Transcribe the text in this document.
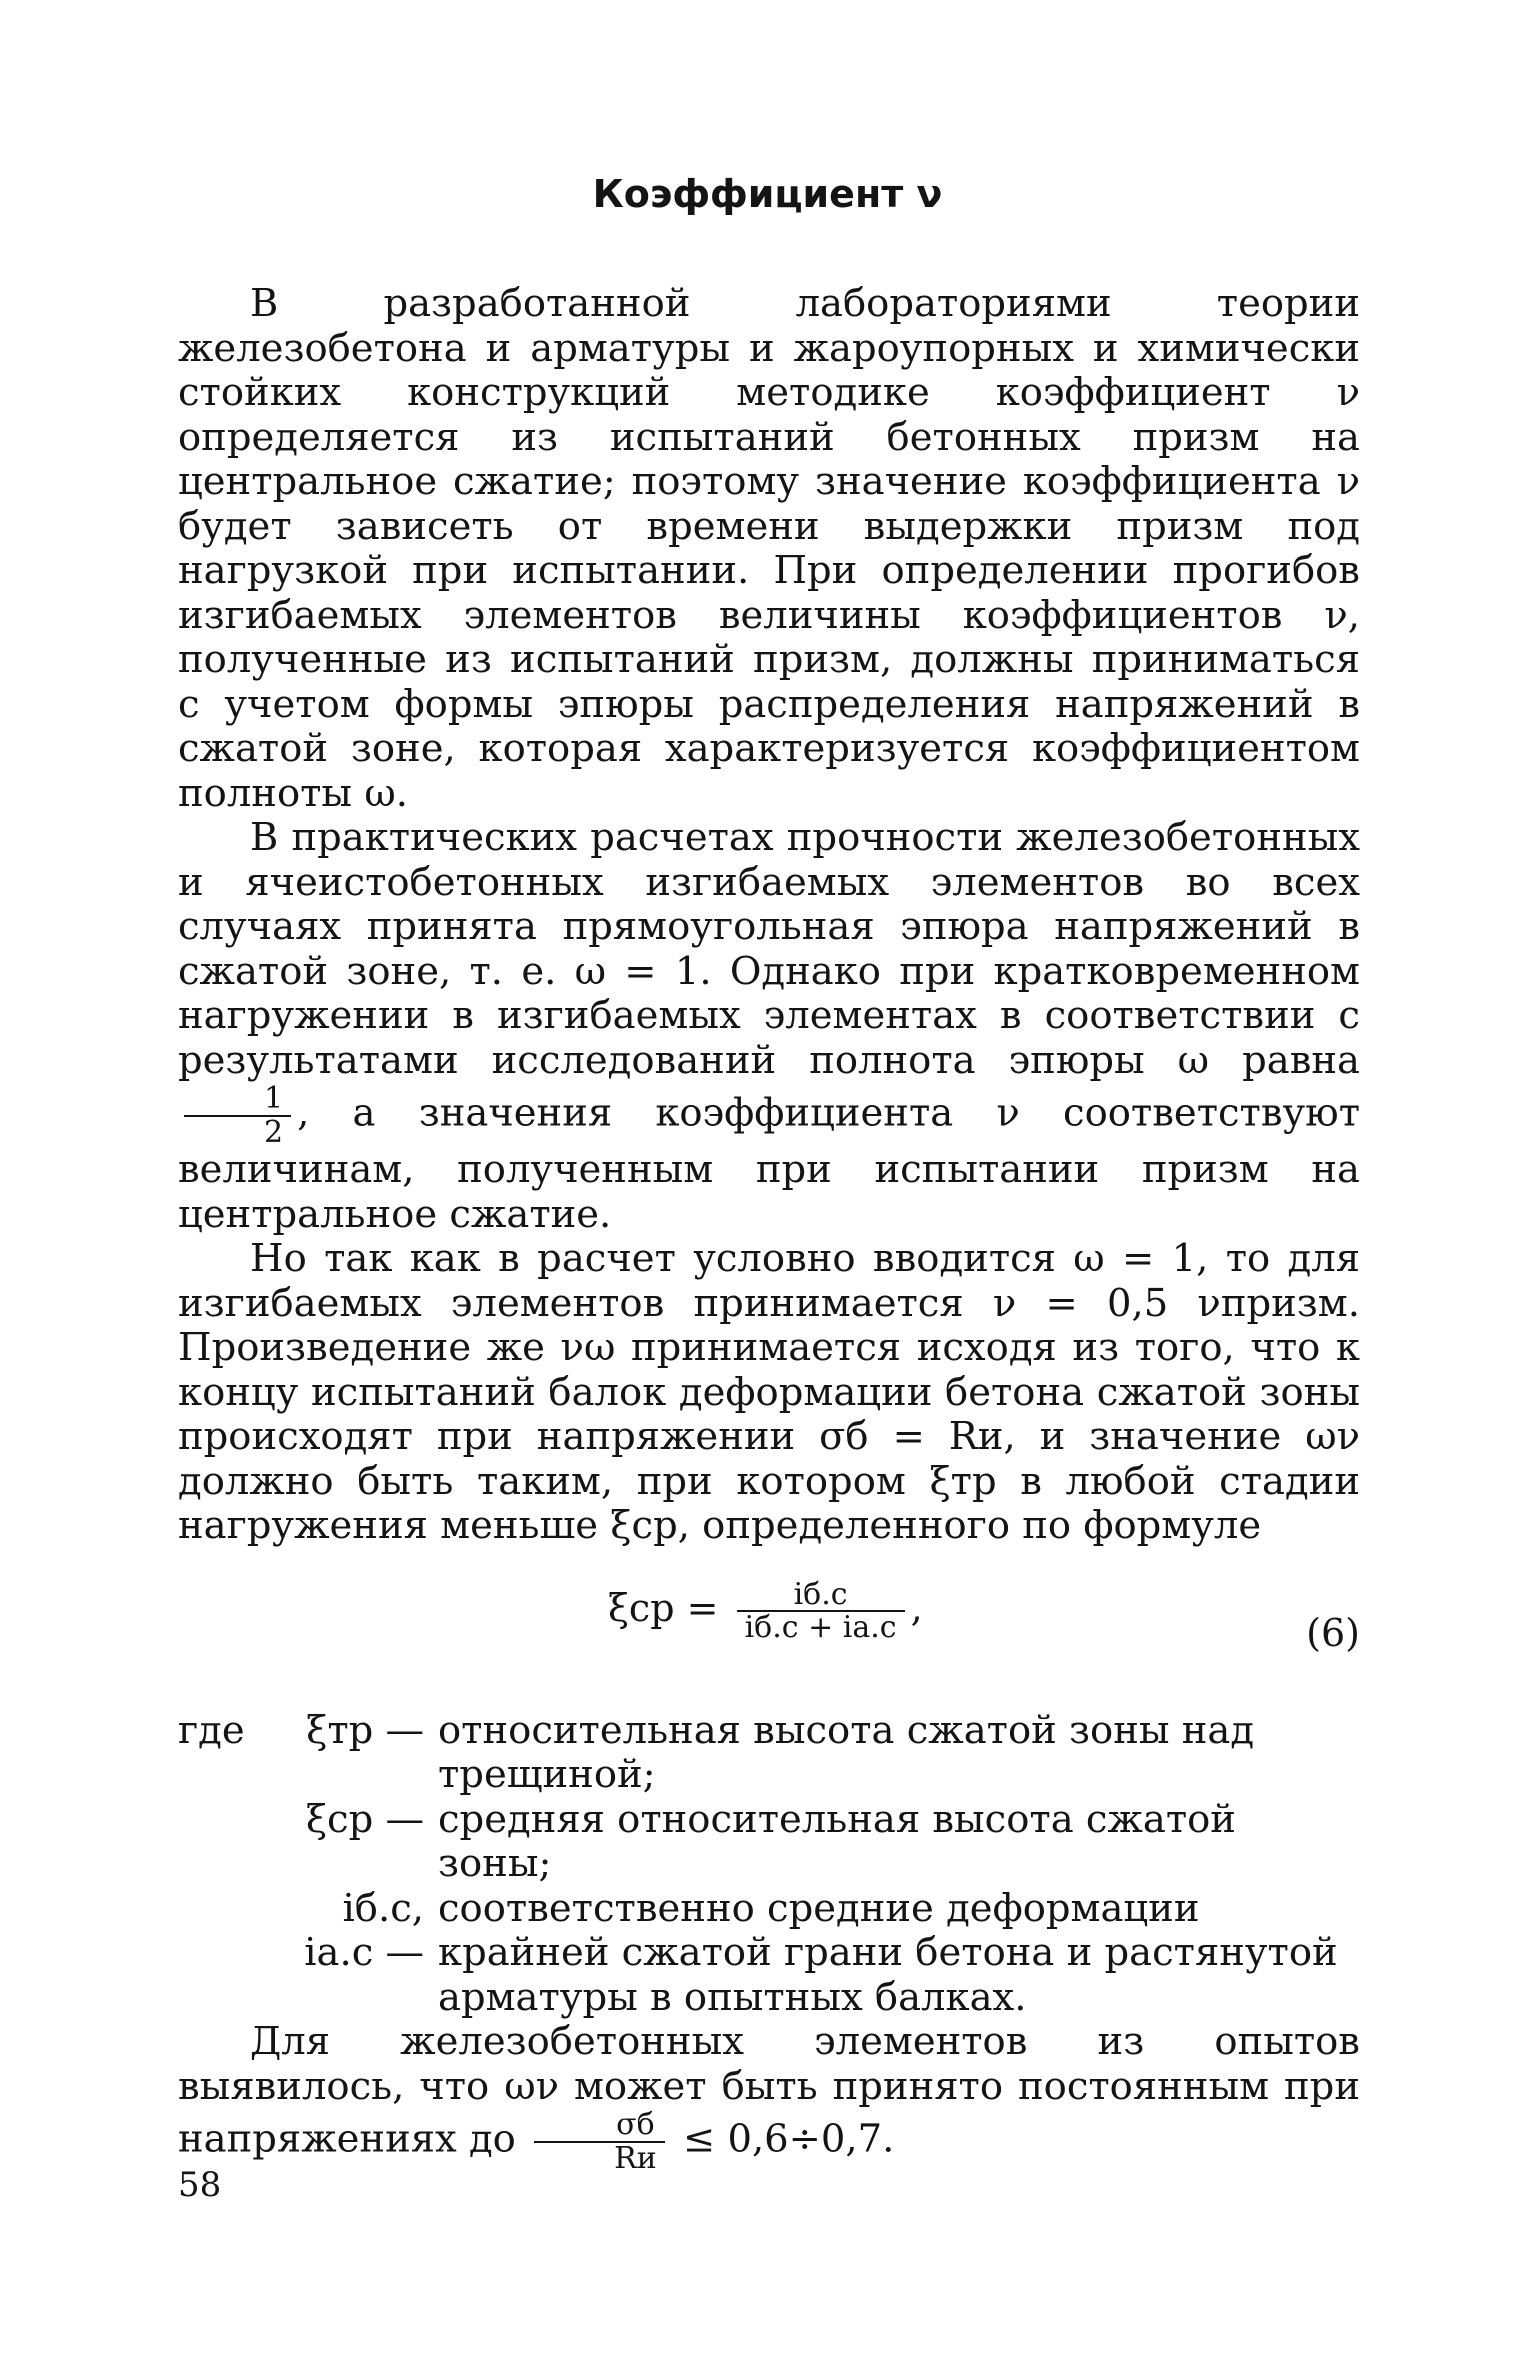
Коэффициент ν

В разработанной лабораториями теории железобетона и арматуры и жароупорных и химически стойких конструкций методике коэффициент ν определяется из испытаний бетонных призм на центральное сжатие; поэтому значение коэффициента ν будет зависеть от времени выдержки призм под нагрузкой при испытании. При определении прогибов изгибаемых элементов величины коэффициентов ν, полученные из испытаний призм, должны приниматься с учетом формы эпюры распределения напряжений в сжатой зоне, которая характеризуется коэффициентом полноты ω.

В практических расчетах прочности железобетонных и ячеистобетонных изгибаемых элементов во всех случаях принята прямоугольная эпюра напряжений в сжатой зоне, т. е. ω = 1. Однако при кратковременном нагружении в изгибаемых элементах в соответствии с результатами исследований полнота эпюры ω равна
$\frac{1}{2}$ , а значения коэффициента ν соответствуют величинам, полученным при испытании призм на центральное сжатие.

Но так как в расчет условно вводится ω = 1, то для изгибаемых элементов принимается ν = 0,5 νпризм. Произведение же νω принимается исходя из того, что к концу испытаний балок деформации бетона сжатой зоны происходят при напряжении σб = Rи, и значение ων должно быть таким, при котором ξтр в любой стадии нагружения меньше ξср, определенного по формуле

$\xi ср = \frac{iб.с}{iб.с + iа.с}$ ,
(6)
где	ξтр — относительная высота сжатой зоны над трещиной;
ξср — средняя относительная высота сжатой зоны;
iб.с, iа.с —
соответственно средние деформации крайней сжатой грани бетона и растянутой арматуры в опытных балках.

Для железобетонных элементов из опытов выявилось, что ων может быть принято постоянным при напряжениях до $\frac{\sigma б}{Rи} \le 0,6\div 0,7$.

58
